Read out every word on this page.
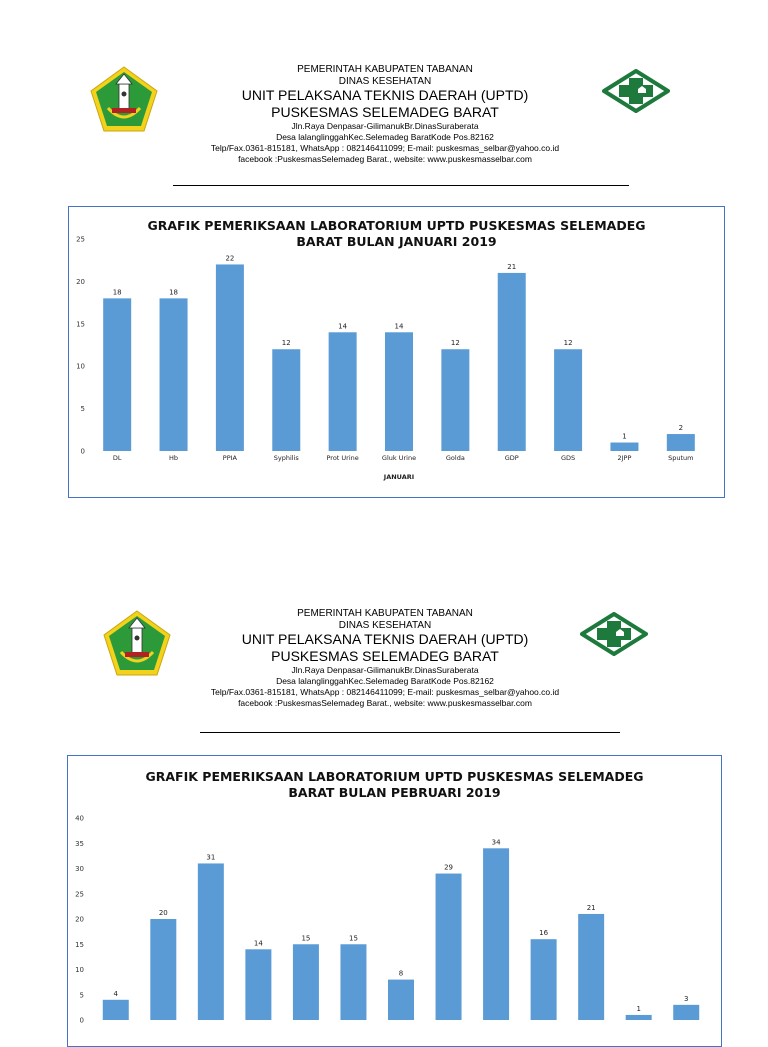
PEMERINTAH KABUPATEN TABANAN
DINAS KESEHATAN
UNIT PELAKSANA TEKNIS DAERAH (UPTD)
PUSKESMAS SELEMADEG BARAT
Jln.Raya Denpasar-GilimanukBr.DinasSuraberata
Desa lalanglinggahKec.Selemadeg BaratKode Pos.82162
Telp/Fax.0361-815181, WhatsApp : 082146411099; E-mail: puskesmas_selbar@yahoo.co.id
facebook :PuskesmasSelemadeg Barat., website: www.puskesmasselbar.com
GRAFIK PEMERIKSAAN LABORATORIUM UPTD PUSKESMAS SELEMADEG
BARAT BULAN JANUARI 2019
0
5
10
15
20
25
18
DL
18
Hb
22
PPIA
12
Syphilis
14
Prot Urine
14
Gluk Urine
12
Golda
21
GDP
12
GDS
1
2JPP
2
Sputum
JANUARI
PEMERINTAH KABUPATEN TABANAN
DINAS KESEHATAN
UNIT PELAKSANA TEKNIS DAERAH (UPTD)
PUSKESMAS SELEMADEG BARAT
Jln.Raya Denpasar-GilimanukBr.DinasSuraberata
Desa lalanglinggahKec.Selemadeg BaratKode Pos.82162
Telp/Fax.0361-815181, WhatsApp : 082146411099; E-mail: puskesmas_selbar@yahoo.co.id
facebook :PuskesmasSelemadeg Barat., website: www.puskesmasselbar.com
GRAFIK PEMERIKSAAN LABORATORIUM UPTD PUSKESMAS SELEMADEG
BARAT BULAN PEBRUARI 2019
0
5
10
15
20
25
30
35
40
4
20
31
14
15	15
8
29
34
16
21
1
3
